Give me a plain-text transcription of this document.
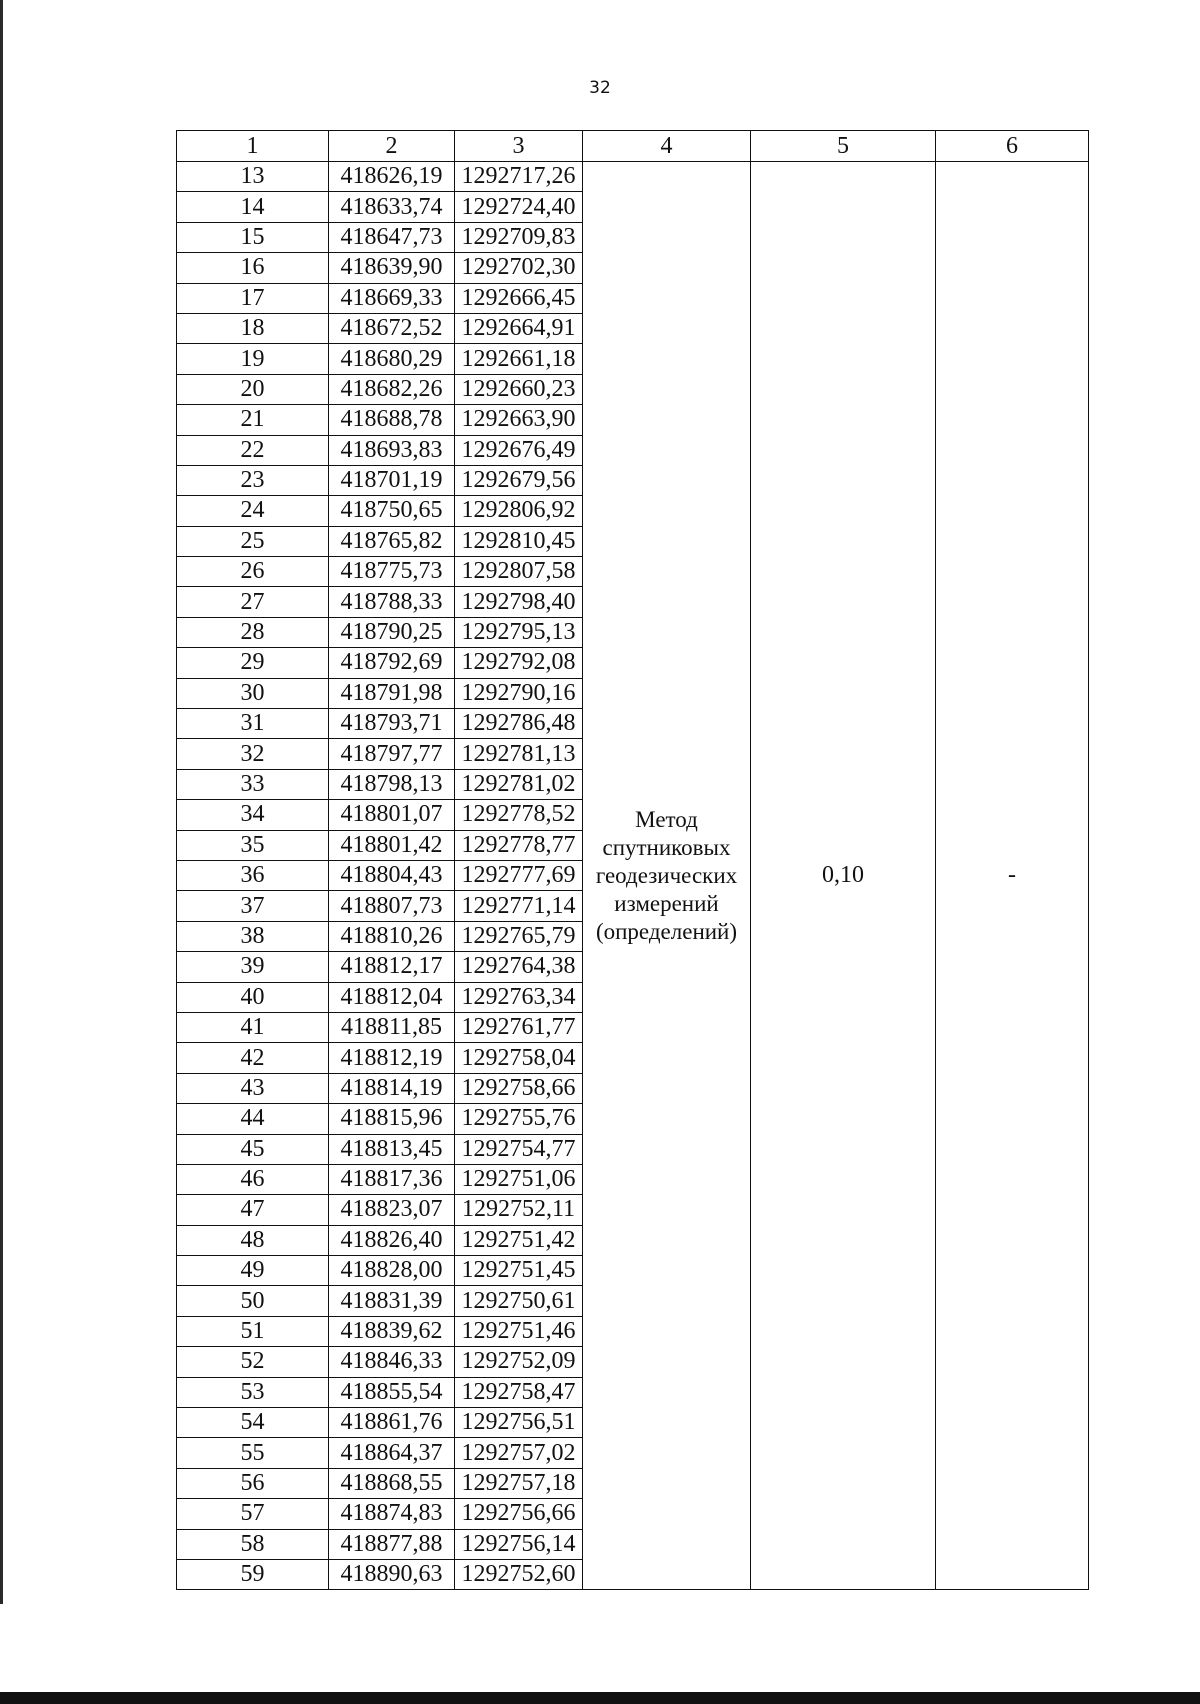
32
1	2	3	4	5	6
13	418626,19	1292717,26	Метод
спутниковых
геодезических
измерений
(определений)	0,10	-
14	418633,74	1292724,40			
15	418647,73	1292709,83			
16	418639,90	1292702,30			
17	418669,33	1292666,45			
18	418672,52	1292664,91			
19	418680,29	1292661,18			
20	418682,26	1292660,23			
21	418688,78	1292663,90			
22	418693,83	1292676,49			
23	418701,19	1292679,56			
24	418750,65	1292806,92			
25	418765,82	1292810,45			
26	418775,73	1292807,58			
27	418788,33	1292798,40			
28	418790,25	1292795,13			
29	418792,69	1292792,08			
30	418791,98	1292790,16			
31	418793,71	1292786,48			
32	418797,77	1292781,13			
33	418798,13	1292781,02			
34	418801,07	1292778,52			
35	418801,42	1292778,77			
36	418804,43	1292777,69			
37	418807,73	1292771,14			
38	418810,26	1292765,79			
39	418812,17	1292764,38			
40	418812,04	1292763,34			
41	418811,85	1292761,77			
42	418812,19	1292758,04			
43	418814,19	1292758,66			
44	418815,96	1292755,76			
45	418813,45	1292754,77			
46	418817,36	1292751,06			
47	418823,07	1292752,11			
48	418826,40	1292751,42			
49	418828,00	1292751,45			
50	418831,39	1292750,61			
51	418839,62	1292751,46			
52	418846,33	1292752,09			
53	418855,54	1292758,47			
54	418861,76	1292756,51			
55	418864,37	1292757,02			
56	418868,55	1292757,18			
57	418874,83	1292756,66			
58	418877,88	1292756,14			
59	418890,63	1292752,60			
